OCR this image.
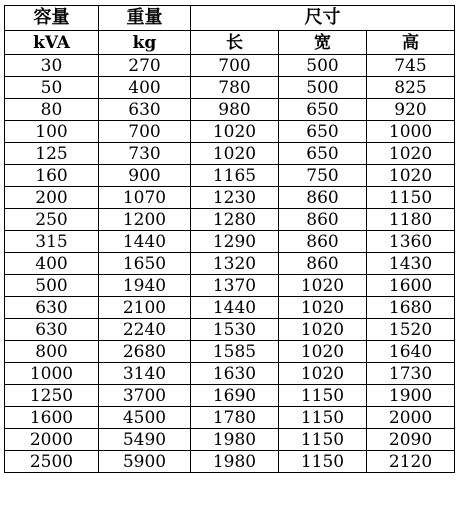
容量	重量	尺寸		
kVA	kg	长	宽	高
30	270	700	500	745
50	400	780	500	825
80	630	980	650	920
100	700	1020	650	1000
125	730	1020	650	1020
160	900	1165	750	1020
200	1070	1230	860	1150
250	1200	1280	860	1180
315	1440	1290	860	1360
400	1650	1320	860	1430
500	1940	1370	1020	1600
630	2100	1440	1020	1680
630	2240	1530	1020	1520
800	2680	1585	1020	1640
1000	3140	1630	1020	1730
1250	3700	1690	1150	1900
1600	4500	1780	1150	2000
2000	5490	1980	1150	2090
2500	5900	1980	1150	2120
